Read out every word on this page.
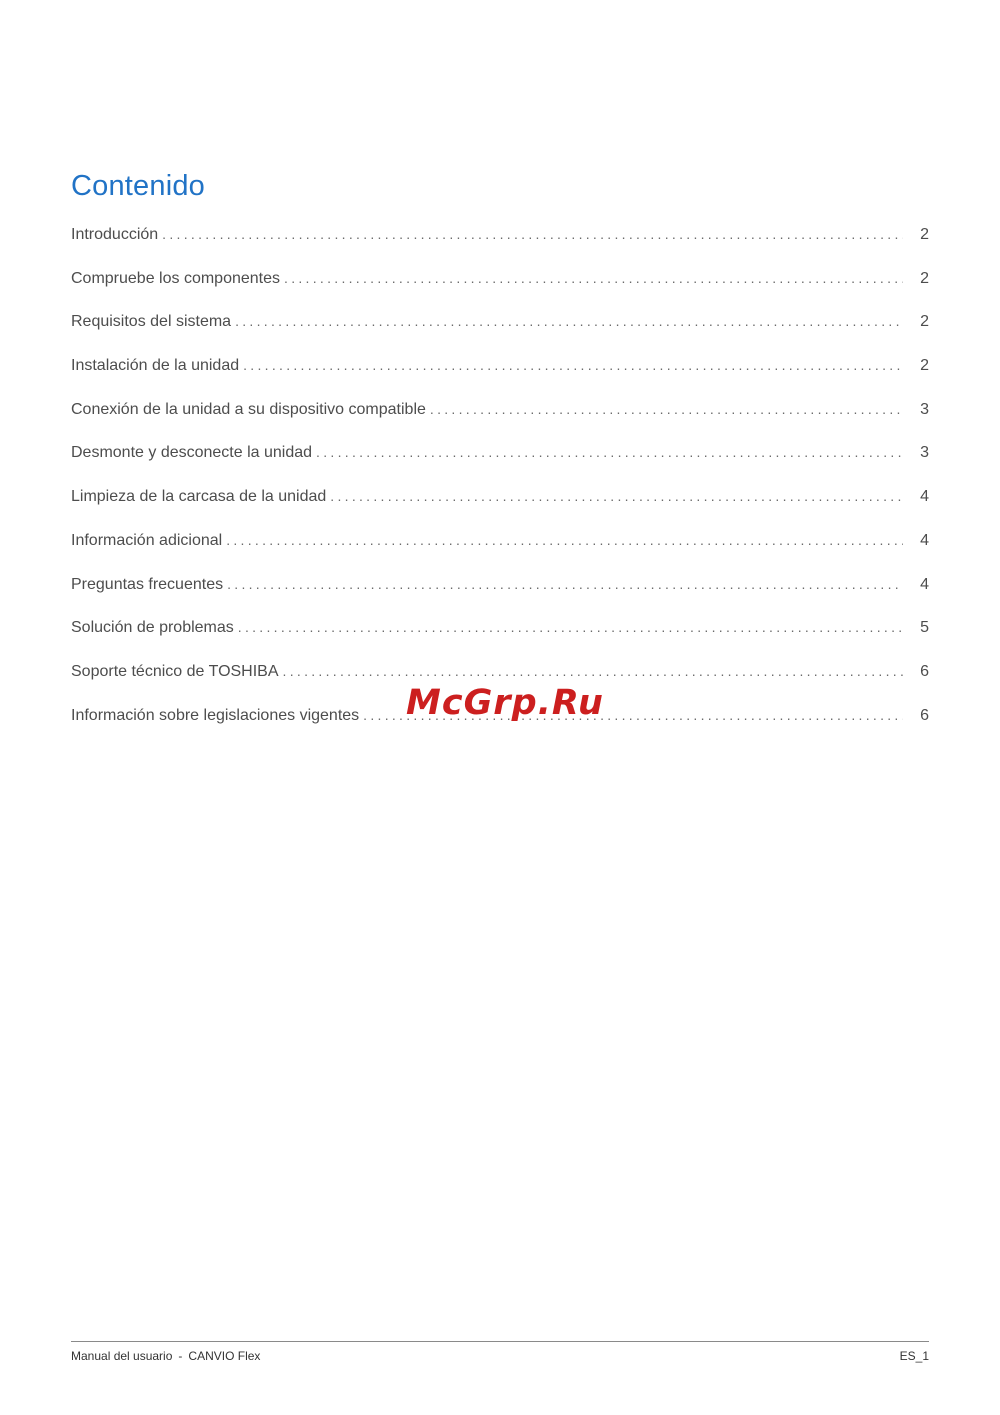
Contenido
Introducción . . .	2
Compruebe los componentes . . .	2
Requisitos del sistema . . .	2
Instalación de la unidad . . .	2
Conexión de la unidad a su dispositivo compatible . . .	3
Desmonte y desconecte la unidad . . .	3
Limpieza de la carcasa de la unidad . . .	4
Información adicional . . .	4
Preguntas frecuentes . . .	4
Solución de problemas . . .	5
Soporte técnico de TOSHIBA . . .	6
Información sobre legislaciones vigentes . . .	6
McGrp.Ru
Manual del usuario - CANVIO Flex	ES_1
